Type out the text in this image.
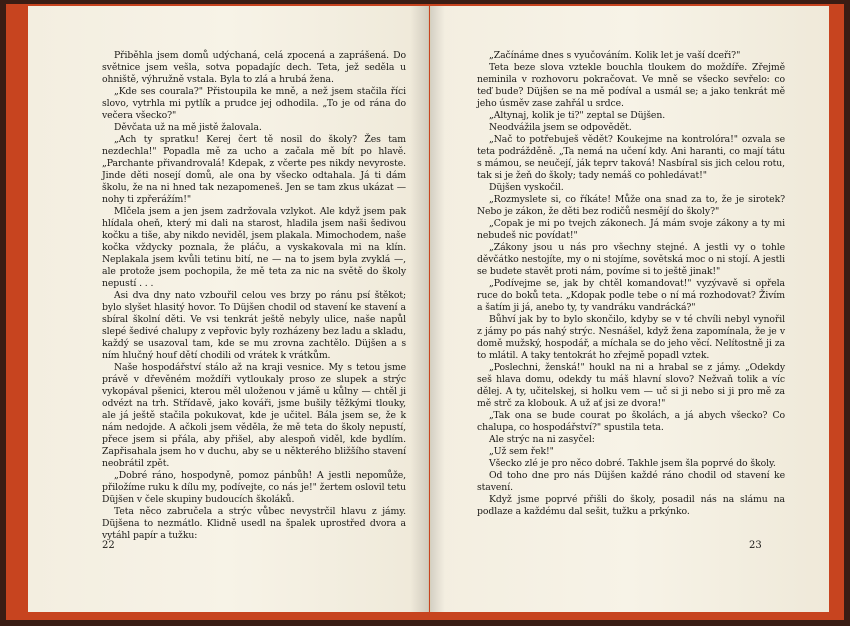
Přiběhla jsem domů udýchaná, celá zpocená a zaprášená. Do světnice jsem vešla, sotva popadajíc dech. Teta, jež seděla u ohniště, výhružně vstala. Byla to zlá a hrubá žena.

„Kde ses courala?" Přistoupila ke mně, a než jsem stačila říci slovo, vytrhla mi pytlík a prudce jej odhodila. „To je od rána do večera všecko?"

Děvčata už na mě jistě žalovala.

„Ach ty spratku! Kerej čert tě nosil do školy? Žes tam nezdechla!" Popadla mě za ucho a začala mě bít po hlavě. „Parchante přivandrovalá! Kdepak, z včerte pes nikdy nevyroste. Jinde děti nosejí domů, ale ona by všecko odtahala. Já ti dám školu, že na ni hned tak nezapomeneš. Jen se tam zkus ukázat — nohy ti zpřerážím!"

Mlčela jsem a jen jsem zadržovala vzlykot. Ale když jsem pak hlídala oheň, který mi dali na starost, hladila jsem naši šedivou kočku a tiše, aby nikdo neviděl, jsem plakala. Mimochodem, naše kočka vždycky poznala, že pláču, a vyskakovala mi na klín. Neplakala jsem kvůli tetinu bití, ne — na to jsem byla zvyklá —, ale protože jsem pochopila, že mě teta za nic na světě do školy nepustí . . .

Asi dva dny nato vzbouřil celou ves brzy po ránu psí štěkot; bylo slyšet hlasitý hovor. To Düjšen chodil od stavení ke stavení a sbíral školní děti. Ve vsi tenkrát ještě nebyly ulice, naše napůl slepé šedivé chalupy z vepřovic byly rozházeny bez ladu a skladu, každý se usazoval tam, kde se mu zrovna zachtělo. Düjšen a s ním hlučný houf dětí chodili od vrátek k vrátkům.

Naše hospodářství stálo až na kraji vesnice. My s tetou jsme právě v dřevěném moždíři vytloukaly proso ze slupek a strýc vykopával pšenici, kterou měl uloženou v jámě u kůlny — chtěl ji odvézt na trh. Střídavě, jako kováři, jsme bušily těžkými tlouky, ale já ještě stačila pokukovat, kde je učitel. Bála jsem se, že k nám nedojde. A ačkoli jsem věděla, že mě teta do školy nepustí, přece jsem si přála, aby přišel, aby alespoň viděl, kde bydlím. Zapřisahala jsem ho v duchu, aby se u některého bližšího stavení neobrátil zpět.

„Dobré ráno, hospodyně, pomoz pánbůh! A jestli nepomůže, přiložíme ruku k dílu my, podívejte, co nás je!" žertem oslovil tetu Düjšen v čele skupiny budoucích školáků.

Teta něco zabručela a strýc vůbec nevystrčil hlavu z jámy. Düjšena to nezmátlo. Klidně usedl na špalek uprostřed dvora a vytáhl papír a tužku:

22

„Začínáme dnes s vyučováním. Kolik let je vaší dceři?"

Teta beze slova vztekle bouchla tloukem do moždíře. Zřejmě neminila v rozhovoru pokračovat. Ve mně se všecko sevřelo: co teď bude? Düjšen se na mě podíval a usmál se; a jako tenkrát mě jeho úsměv zase zahřál u srdce.

„Altynaj, kolik je ti?" zeptal se Düjšen.

Neodvážila jsem se odpovědět.

„Nač to potřebuješ vědět? Koukejme na kontrolóra!" ozvala se teta podrážděně. „Ta nemá na učení kdy. Ani haranti, co mají tátu s mámou, se neučejí, ják teprv taková! Nasbíral sis jich celou rotu, tak si je žeň do školy; tady nemáš co pohledávat!"

Düjšen vyskočil.

„Rozmyslete si, co říkáte! Může ona snad za to, že je sirotek? Nebo je zákon, že děti bez rodičů nesmějí do školy?"

„Copak je mi po tvejch zákonech. Já mám svoje zákony a ty mi nebudeš nic povídat!"

„Zákony jsou u nás pro všechny stejné. A jestli vy o tohle děvčátko nestojíte, my o ni stojíme, sovětská moc o ni stojí. A jestli se budete stavět proti nám, povíme si to ještě jinak!"

„Podívejme se, jak by chtěl komandovat!" vyzývavě si opřela ruce do boků teta. „Kdopak podle tebe o ní má rozhodovat? Živím a šatím ji já, anebo ty, ty vandráku vandrácká?"

Bůhví jak by to bylo skončilo, kdyby se v té chvíli nebyl vynořil z jámy po pás nahý strýc. Nesnášel, když žena zapomínala, že je v domě mužský, hospodář, a míchala se do jeho věcí. Nelítostně ji za to mlátil. A taky tentokrát ho zřejmě popadl vztek.

„Poslechni, ženská!" houkl na ni a hrabal se z jámy. „Odekdy seš hlava domu, odekdy tu máš hlavní slovo? Nežvaň tolik a víc dělej. A ty, učitelskej, si holku vem — uč si ji nebo si ji pro mě za mě strč za klobouk. A už ať jsi ze dvora!"

„Tak ona se bude courat po školách, a já abych všecko? Co chalupa, co hospodářství?" spustila teta.

Ale strýc na ni zasyčel:

„Už sem řek!"

Všecko zlé je pro něco dobré. Takhle jsem šla poprvé do školy.

Od toho dne pro nás Düjšen každé ráno chodil od stavení ke stavení.

Když jsme poprvé přišli do školy, posadil nás na slámu na podlaze a každému dal sešit, tužku a prkýnko.

23
